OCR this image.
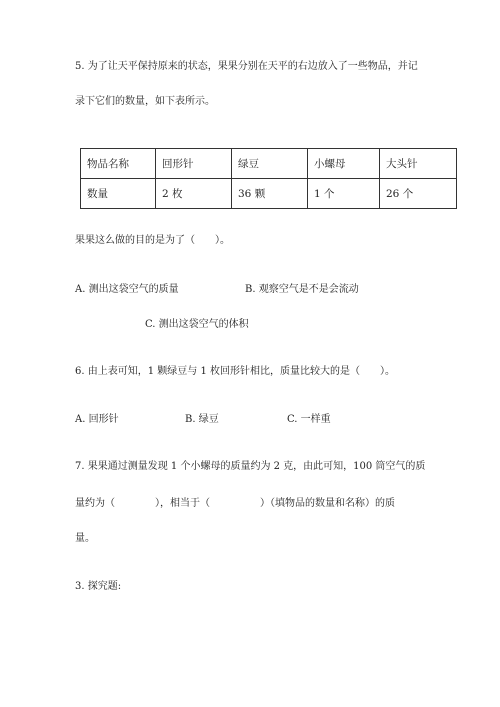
5. 为了让天平保持原来的状态，果果分别在天平的右边放入了一些物品，并记
录下它们的数量，如下表所示。
物品名称	回形针	绿豆	小螺母	大头针
数量	2 枚	36 颗	1 个	26 个
果果这么做的目的是为了（　　）。
A. 测出这袋空气的质量	B. 观察空气是不是会流动
C. 测出这袋空气的体积
6. 由上表可知，1 颗绿豆与 1 枚回形针相比，质量比较大的是（　　）。
A. 回形针	B. 绿豆	C. 一样重
7. 果果通过测量发现 1 个小螺母的质量约为 2 克，由此可知，100 筒空气的质
量约为（　　　　），相当于（　　　　　）（填物品的数量和名称）的质
量。
3. 探究题:
